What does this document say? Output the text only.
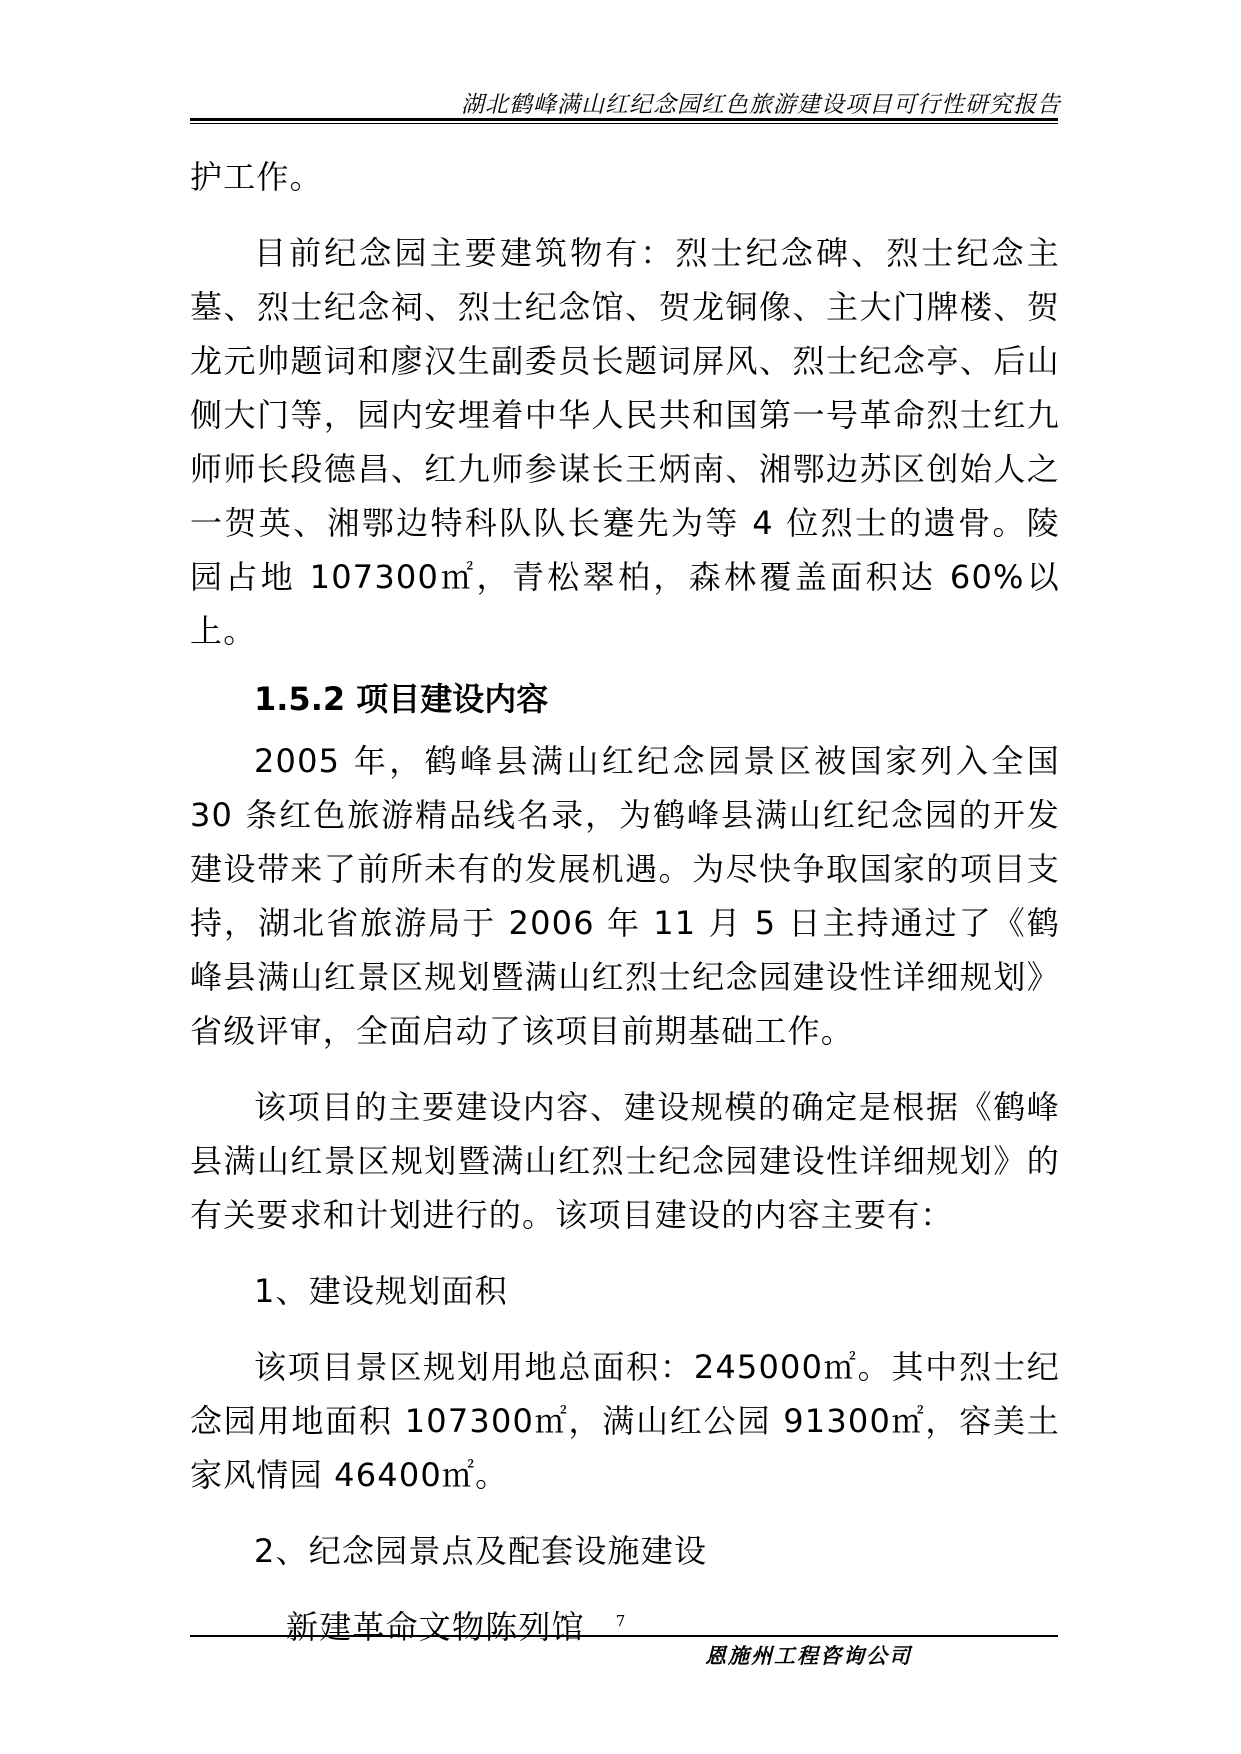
湖北鹤峰满山红纪念园红色旅游建设项目可行性研究报告

护工作。

目前纪念园主要建筑物有：烈士纪念碑、烈士纪念主墓、烈士纪念祠、烈士纪念馆、贺龙铜像、主大门牌楼、贺龙元帅题词和廖汉生副委员长题词屏风、烈士纪念亭、后山侧大门等，园内安埋着中华人民共和国第一号革命烈士红九师师长段德昌、红九师参谋长王炳南、湘鄂边苏区创始人之一贺英、湘鄂边特科队队长蹇先为等 4 位烈士的遗骨。陵园占地 107300㎡，青松翠柏，森林覆盖面积达 60%以上。

1.5.2 项目建设内容

2005 年，鹤峰县满山红纪念园景区被国家列入全国 30 条红色旅游精品线名录，为鹤峰县满山红纪念园的开发建设带来了前所未有的发展机遇。为尽快争取国家的项目支持，湖北省旅游局于 2006 年 11 月 5 日主持通过了《鹤峰县满山红景区规划暨满山红烈士纪念园建设性详细规划》省级评审，全面启动了该项目前期基础工作。

该项目的主要建设内容、建设规模的确定是根据《鹤峰县满山红景区规划暨满山红烈士纪念园建设性详细规划》的有关要求和计划进行的。该项目建设的内容主要有：

1、建设规划面积

该项目景区规划用地总面积：245000㎡。其中烈士纪念园用地面积 107300㎡，满山红公园 91300㎡，容美土家风情园 46400㎡。

2、纪念园景点及配套设施建设

新建革命文物陈列馆	7
恩施州工程咨询公司
